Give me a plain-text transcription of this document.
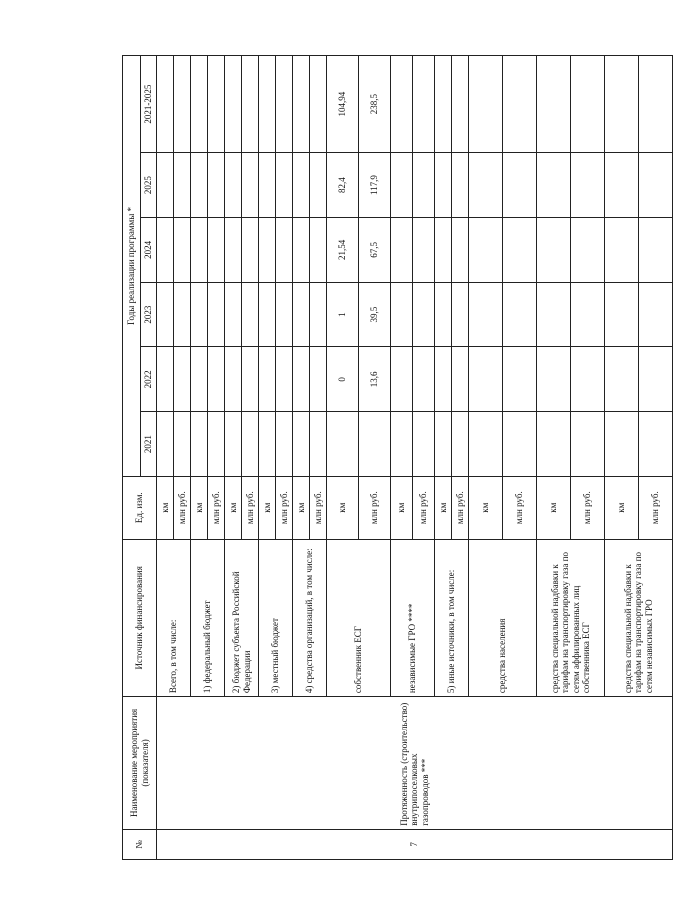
№	Наименование мероприятия (показателя)	Источник финансирования	Ед. изм.	Годы реализации программы *					
				2021	2022	2023	2024	2025	2021-2025
7	Протяженность (строительство) внутрипоселковых газопроводов ***	Всего, в том числе:	км						
			млн руб.						
		1) федеральный бюджет	км						
			млн руб.						
		2) бюджет субъекта Российской Федерации	км						
			млн руб.						
		3) местный бюджет	км						
			млн руб.						
		4) средства организаций, в том числе:	км						
			млн руб.						
		собственник ЕСГ	км		0	1	21,54	82,4	104,94
			млн руб.		13,6	39,5	67,5	117,9	238,5
		независимые ГРО ****	км						
			млн руб.						
		5) иные источники, в том числе:	км						
			млн руб.						
		средства населения	км						
			млн руб.						
		средства специальной надбавки к тарифам на транспортировку газа по сетям аффилированных лиц собственника ЕСГ	км						
			млн руб.						
		средства специальной надбавки к тарифам на транспортировку газа по сетям независимых ГРО	км						
			млн руб.						
